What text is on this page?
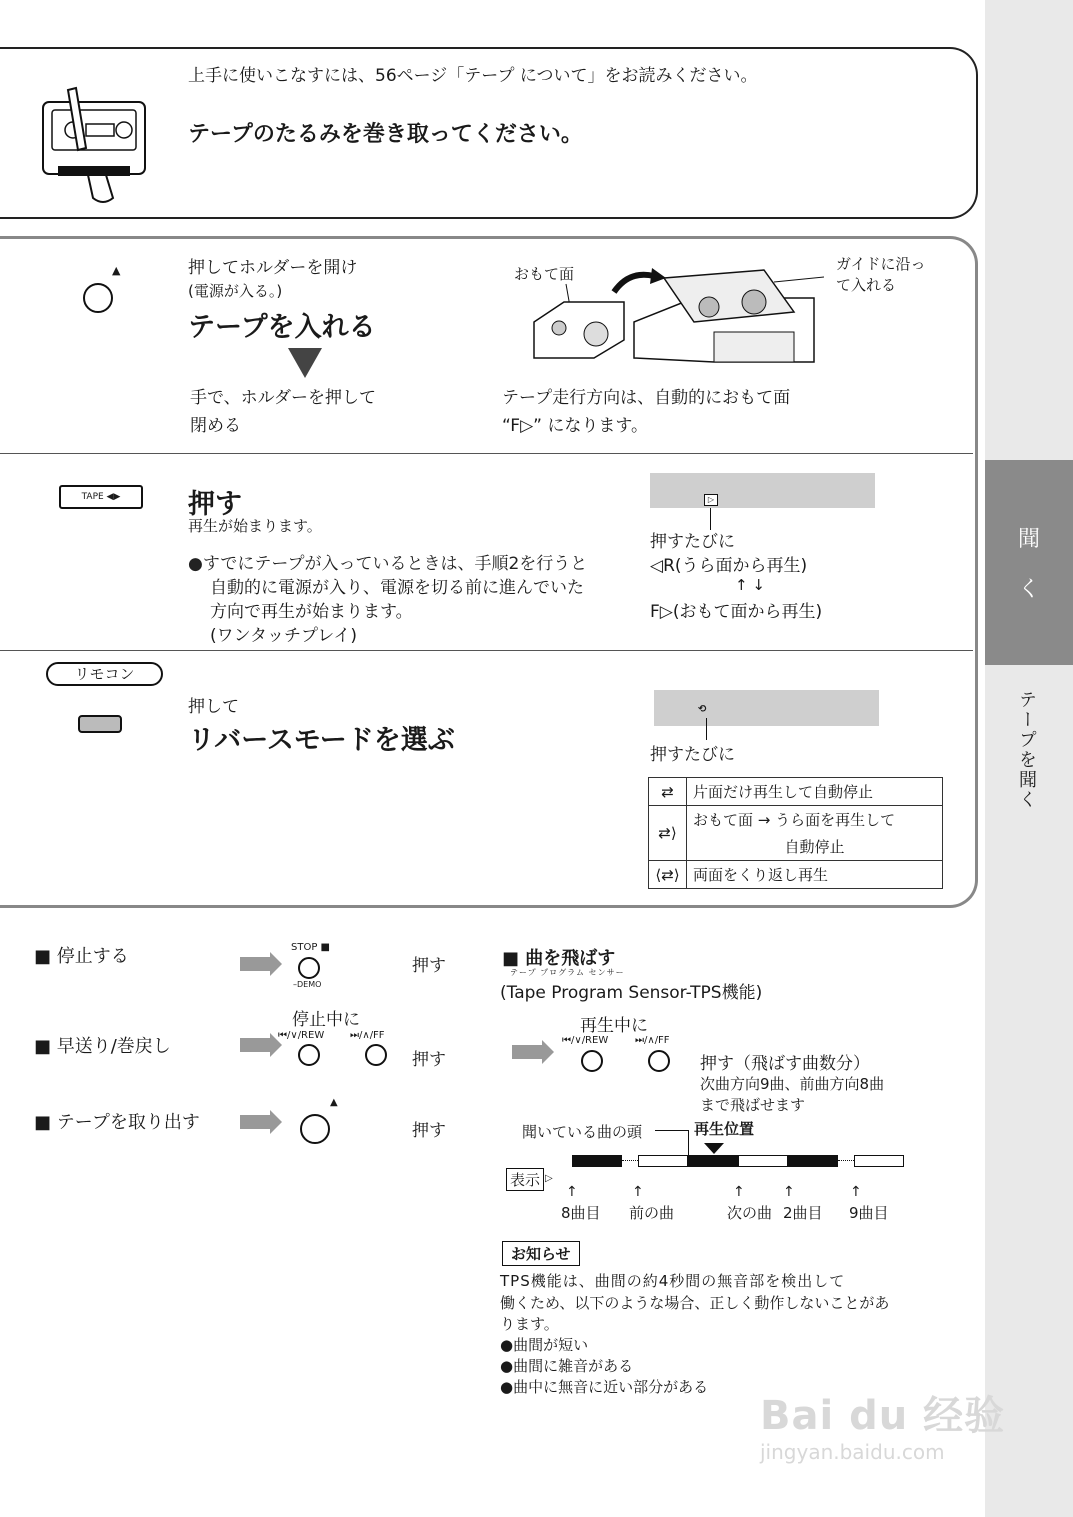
聞
く
テープを聞く
上手に使いこなすには、56ページ「テープ について」をお読みください。
テープのたるみを巻き取ってください。
▲	押してホルダーを開け
(電源が入る。)
テープを入れる
手で、ホルダーを押して
閉める
おもて面
ガイドに沿っ
て入れる
テープ走行方向は、自動的におもて面
“F▷” になります。
TAPE ◀▶	押す
再生が始まります。
●すでにテープが入っているときは、手順2を行うと
自動的に電源が入り、電源を切る前に進んでいた
方向で再生が始まります。
(ワンタッチプレイ)
▷
押すたびに
◁R(うら面から再生)
↑ ↓
F▷(おもて面から再生)
リモコン
押して
リバースモードを選ぶ
⟲
押すたびに
⇄	片面だけ再生して自動停止
⇄⟩	おもて面 → うら面を再生して
	自動停止
⟨⇄⟩	両面をくり返し再生
■ 停止する	STOP ■
–DEMO
押す
停止中に
■ 早送り/巻戻し
⏮/∨/REW	⏭/∧/FF
押す
■ テープを取り出す
▲
押す
■ 曲を飛ばす
テープ プログラム センサー
(Tape Program Sensor-TPS機能)
再生中に
⏮/∨/REW	⏭/∧/FF
押す（飛ばす曲数分）
次曲方向9曲、前曲方向8曲
まで飛ばせます
聞いている曲の頭	再生位置
表示 ▷
↑	↑	↑	↑	↑
8曲目 前の曲	次の曲 2曲目 9曲目
お知らせ
TPS機能は、曲間の約4秒間の無音部を検出して
働くため、以下のような場合、正しく動作しないことがあ
ります。
●曲間が短い
●曲間に雑音がある
●曲中に無音に近い部分がある
Bai du 经验
jingyan.baidu.com
